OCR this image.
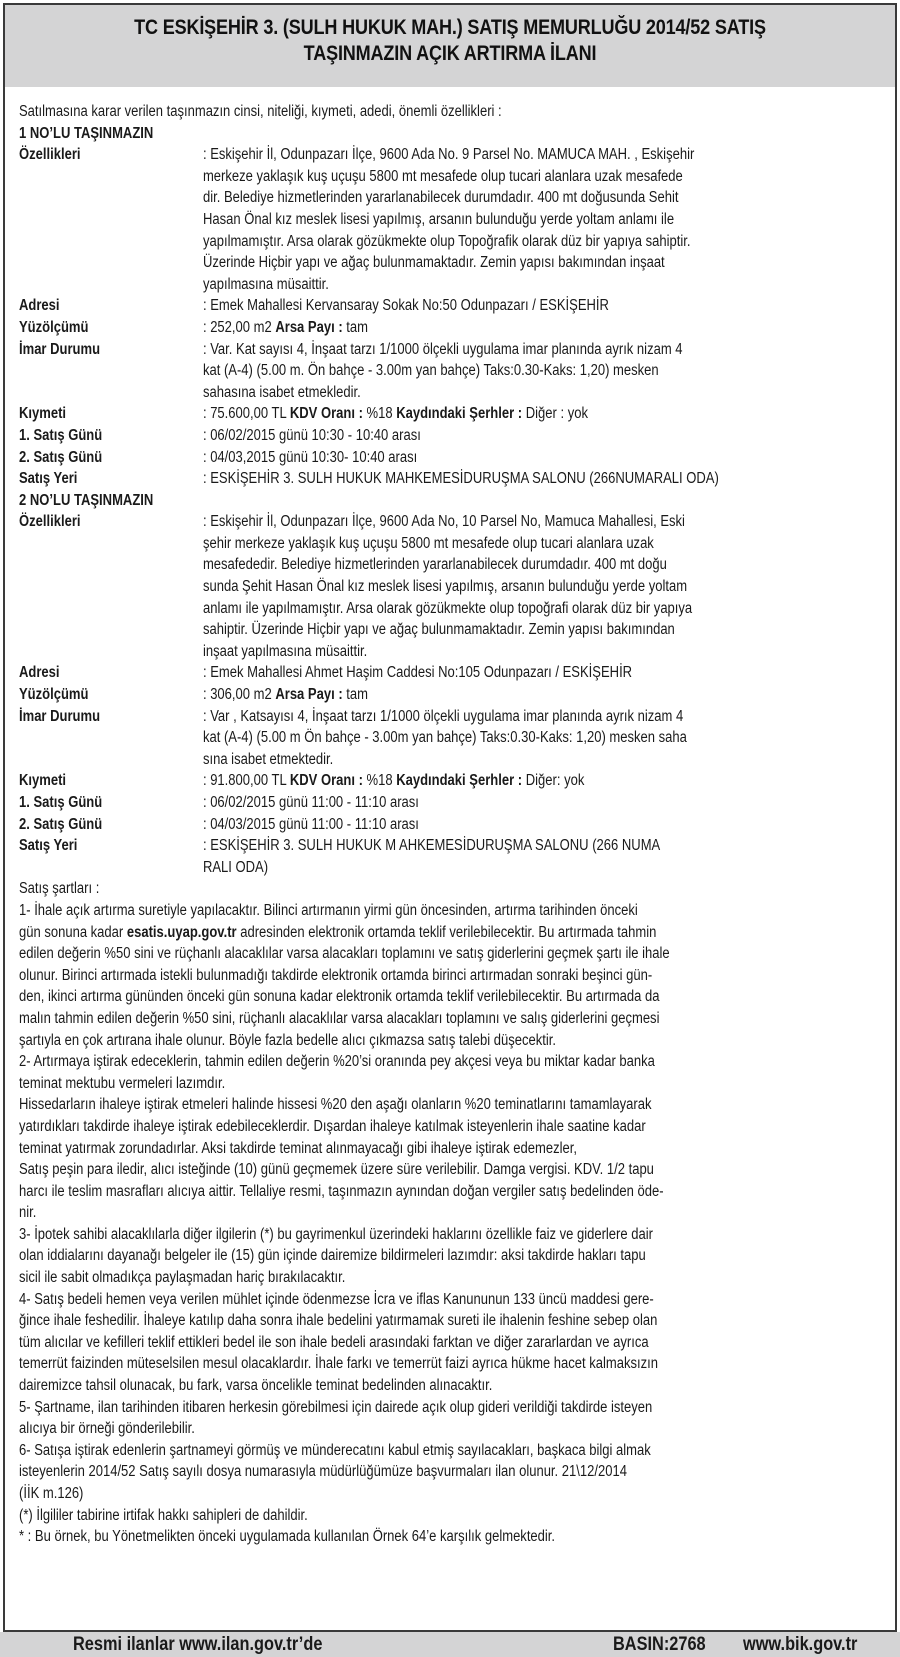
TC ESKİŞEHİR 3. (SULH HUKUK MAH.) SATIŞ MEMURLUĞU 2014/52 SATIŞ
TAŞINMAZIN AÇIK ARTIRMA İLANI
Satılmasına karar verilen taşınmazın cinsi, niteliği, kıymeti, adedi, önemli özellikleri :
1 NO’LU TAŞINMAZIN
Özellikleri	: Eskişehir İl, Odunpazarı İlçe, 9600 Ada No. 9 Parsel No. MAMUCA MAH. , Eskişehir
merkeze yaklaşık kuş uçuşu 5800 mt mesafede olup tucari alanlara uzak mesafede
dir. Belediye hizmetlerinden yararlanabilecek durumdadır. 400 mt doğusunda Sehit
Hasan Önal kız meslek lisesi yapılmış, arsanın bulunduğu yerde yoltam anlamı ile
yapılmamıştır. Arsa olarak gözükmekte olup Topoğrafik olarak düz bir yapıya sahiptir.
Üzerinde Hiçbir yapı ve ağaç bulunmamaktadır. Zemin yapısı bakımından inşaat
yapılmasına müsaittir.
Adresi	: Emek Mahallesi Kervansaray Sokak No:50 Odunpazarı / ESKİŞEHİR
Yüzölçümü	: 252,00 m2 Arsa Payı : tam
İmar Durumu	: Var. Kat sayısı 4, İnşaat tarzı 1/1000 ölçekli uygulama imar planında ayrık nizam 4
kat (A-4) (5.00 m. Ön bahçe - 3.00m yan bahçe) Taks:0.30-Kaks: 1,20) mesken
sahasına isabet etmekledir.
Kıymeti	: 75.600,00 TL KDV Oranı : %18 Kaydındaki Şerhler : Diğer : yok
1. Satış Günü	: 06/02/2015 günü 10:30 - 10:40 arası
2. Satış Günü	: 04/03,2015 günü 10:30- 10:40 arası
Satış Yeri	: ESKİŞEHİR 3. SULH HUKUK MAHKEMESİDURUŞMA SALONU (266NUMARALI ODA)
2 NO’LU TAŞINMAZIN
Özellikleri	: Eskişehir İl, Odunpazarı İlçe, 9600 Ada No, 10 Parsel No, Mamuca Mahallesi, Eski
şehir merkeze yaklaşık kuş uçuşu 5800 mt mesafede olup tucari alanlara uzak
mesafededir. Belediye hizmetlerinden yararlanabilecek durumdadır. 400 mt doğu
sunda Şehit Hasan Önal kız meslek lisesi yapılmış, arsanın bulunduğu yerde yoltam
anlamı ile yapılmamıştır. Arsa olarak gözükmekte olup topoğrafi olarak düz bir yapıya
sahiptir. Üzerinde Hiçbir yapı ve ağaç bulunmamaktadır. Zemin yapısı bakımından
inşaat yapılmasına müsaittir.
Adresi	: Emek Mahallesi Ahmet Haşim Caddesi No:105 Odunpazarı / ESKİŞEHİR
Yüzölçümü	: 306,00 m2 Arsa Payı : tam
İmar Durumu	: Var , Katsayısı 4, İnşaat tarzı 1/1000 ölçekli uygulama imar planında ayrık nizam 4
kat (A-4) (5.00 m Ön bahçe - 3.00m yan bahçe) Taks:0.30-Kaks: 1,20) mesken saha
sına isabet etmektedir.
Kıymeti	: 91.800,00 TL KDV Oranı : %18 Kaydındaki Şerhler : Diğer: yok
1. Satış Günü	: 06/02/2015 günü 11:00 - 11:10 arası
2. Satış Günü	: 04/03/2015 günü 11:00 - 11:10 arası
Satış Yeri	: ESKİŞEHİR 3. SULH HUKUK M AHKEMESİDURUŞMA SALONU (266 NUMA
RALI ODA)
Satış şartları :
1- İhale açık artırma suretiyle yapılacaktır. Bilinci artırmanın yirmi gün öncesinden, artırma tarihinden önceki
gün sonuna kadar esatis.uyap.gov.tr adresinden elektronik ortamda teklif verilebilecektir. Bu artırmada tahmin
edilen değerin %50 sini ve rüçhanlı alacaklılar varsa alacakları toplamını ve satış giderlerini geçmek şartı ile ihale
olunur. Birinci artırmada istekli bulunmadığı takdirde elektronik ortamda birinci artırmadan sonraki beşinci gün-
den, ikinci artırma gününden önceki gün sonuna kadar elektronik ortamda teklif verilebilecektir. Bu artırmada da
malın tahmin edilen değerin %50 sini, rüçhanlı alacaklılar varsa alacakları toplamını ve salış giderlerini geçmesi
şartıyla en çok artırana ihale olunur. Böyle fazla bedelle alıcı çıkmazsa satış talebi düşecektir.
2- Artırmaya iştirak edeceklerin, tahmin edilen değerin %20’si oranında pey akçesi veya bu miktar kadar banka
teminat mektubu vermeleri lazımdır.
Hissedarların ihaleye iştirak etmeleri halinde hissesi %20 den aşağı olanların %20 teminatlarını tamamlayarak
yatırdıkları takdirde ihaleye iştirak edebileceklerdir. Dışardan ihaleye katılmak isteyenlerin ihale saatine kadar
teminat yatırmak zorundadırlar. Aksi takdirde teminat alınmayacağı gibi ihaleye iştirak edemezler,
Satış peşin para iledir, alıcı isteğinde (10) günü geçmemek üzere süre verilebilir. Damga vergisi. KDV. 1/2 tapu
harcı ile teslim masrafları alıcıya aittir. Tellaliye resmi, taşınmazın aynından doğan vergiler satış bedelinden öde-
nir.
3- İpotek sahibi alacaklılarla diğer ilgilerin (*) bu gayrimenkul üzerindeki haklarını özellikle faiz ve giderlere dair
olan iddialarını dayanağı belgeler ile (15) gün içinde dairemize bildirmeleri lazımdır: aksi takdirde hakları tapu
sicil ile sabit olmadıkça paylaşmadan hariç bırakılacaktır.
4- Satış bedeli hemen veya verilen mühlet içinde ödenmezse İcra ve iflas Kanununun 133 üncü maddesi gere-
ğince ihale feshedilir. İhaleye katılıp daha sonra ihale bedelini yatırmamak sureti ile ihalenin feshine sebep olan
tüm alıcılar ve kefilleri teklif ettikleri bedel ile son ihale bedeli arasındaki farktan ve diğer zararlardan ve ayrıca
temerrüt faizinden müteselsilen mesul olacaklardır. İhale farkı ve temerrüt faizi ayrıca hükme hacet kalmaksızın
dairemizce tahsil olunacak, bu fark, varsa öncelikle teminat bedelinden alınacaktır.
5- Şartname, ilan tarihinden itibaren herkesin görebilmesi için dairede açık olup gideri verildiği takdirde isteyen
alıcıya bir örneği gönderilebilir.
6- Satışa iştirak edenlerin şartnameyi görmüş ve münderecatını kabul etmiş sayılacakları, başkaca bilgi almak
isteyenlerin 2014/52 Satış sayılı dosya numarasıyla müdürlüğümüze başvurmaları ilan olunur. 21\12/2014
(İİK m.126)
(*) İlgililer tabirine irtifak hakkı sahipleri de dahildir.
* : Bu örnek, bu Yönetmelikten önceki uygulamada kullanılan Örnek 64’e karşılık gelmektedir.
Resmi ilanlar www.ilan.gov.tr’de	BASIN:2768 www.bik.gov.tr
